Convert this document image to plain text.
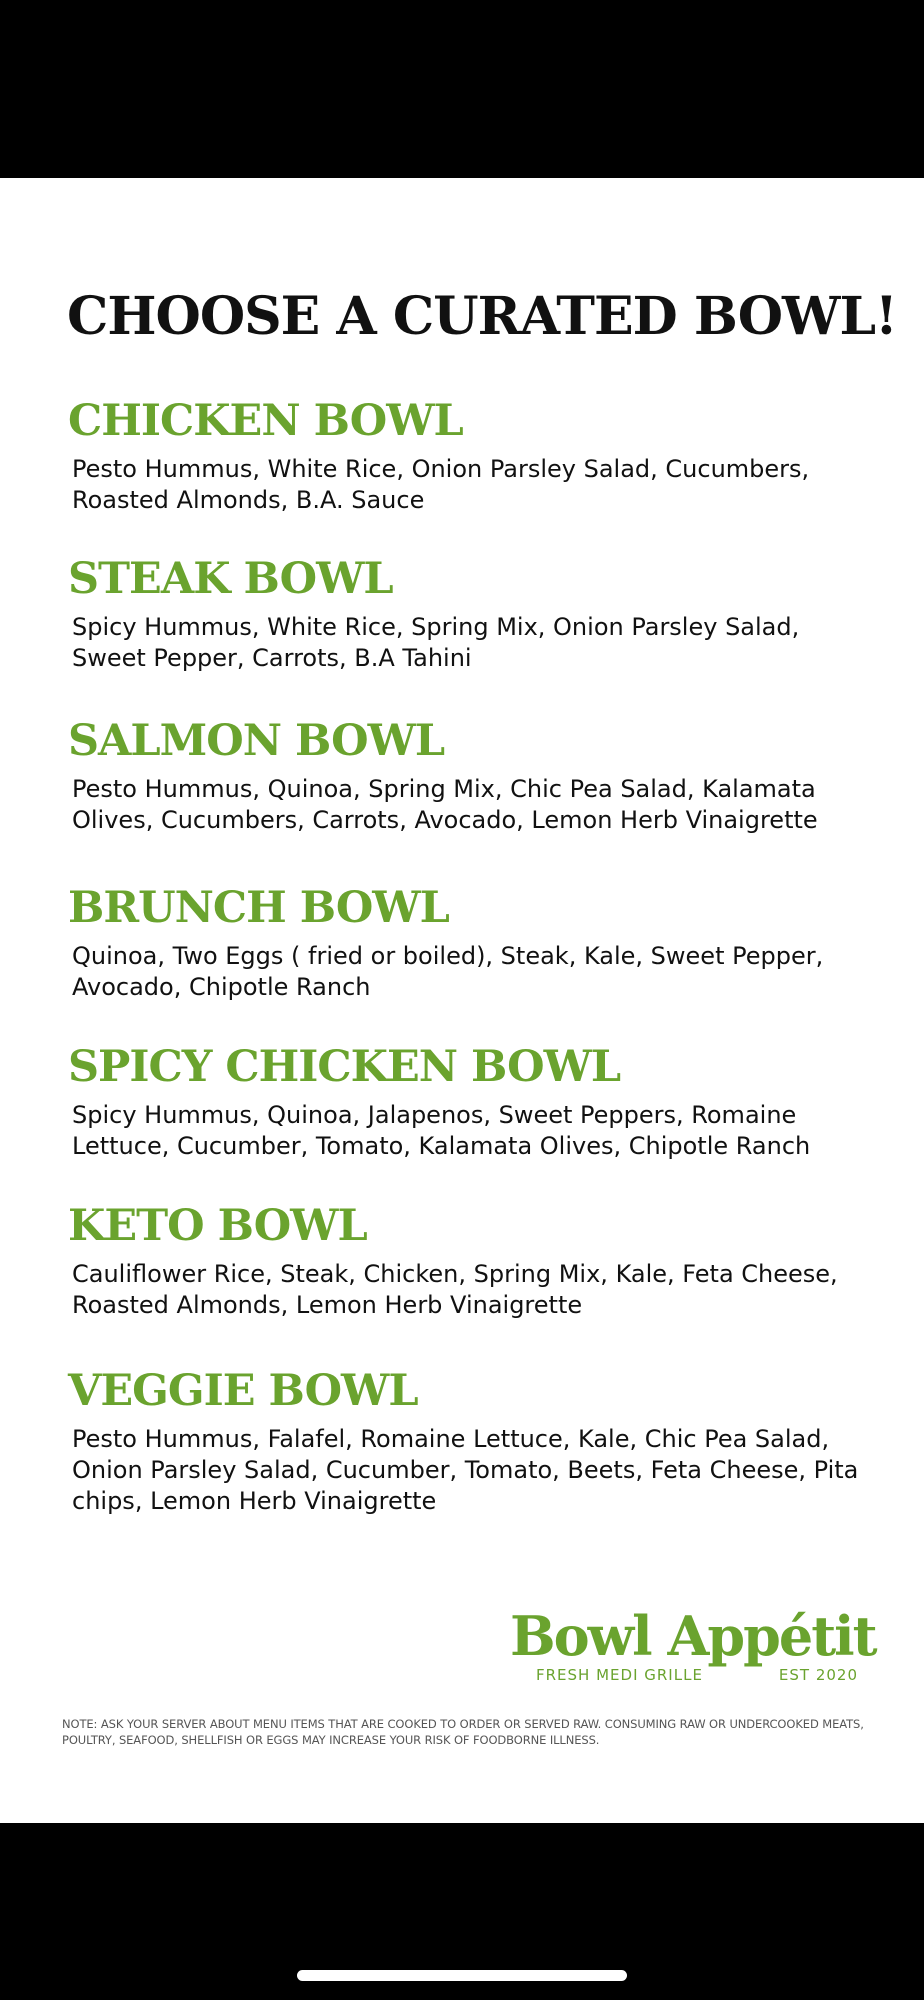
CHOOSE A CURATED BOWL!
CHICKEN BOWL

Pesto Hummus, White Rice, Onion Parsley Salad, Cucumbers, Roasted Almonds, B.A. Sauce

STEAK BOWL

Spicy Hummus, White Rice, Spring Mix, Onion Parsley Salad, Sweet Pepper, Carrots, B.A Tahini

SALMON BOWL

Pesto Hummus, Quinoa, Spring Mix, Chic Pea Salad, Kalamata Olives, Cucumbers, Carrots, Avocado, Lemon Herb Vinaigrette

BRUNCH BOWL

Quinoa, Two Eggs ( fried or boiled), Steak, Kale, Sweet Pepper, Avocado, Chipotle Ranch

SPICY CHICKEN BOWL

Spicy Hummus, Quinoa, Jalapenos, Sweet Peppers, Romaine Lettuce, Cucumber, Tomato, Kalamata Olives, Chipotle Ranch

KETO BOWL

Cauliflower Rice, Steak, Chicken, Spring Mix, Kale, Feta Cheese, Roasted Almonds, Lemon Herb Vinaigrette

VEGGIE BOWL

Pesto Hummus, Falafel, Romaine Lettuce, Kale, Chic Pea Salad, Onion Parsley Salad, Cucumber, Tomato, Beets, Feta Cheese, Pita chips, Lemon Herb Vinaigrette

Bowl Appétit
FRESH MEDI GRILLE	EST 2020
NOTE: ASK YOUR SERVER ABOUT MENU ITEMS THAT ARE COOKED TO ORDER OR SERVED RAW. CONSUMING RAW OR UNDERCOOKED MEATS, POULTRY, SEAFOOD, SHELLFISH OR EGGS MAY INCREASE YOUR RISK OF FOODBORNE ILLNESS.
